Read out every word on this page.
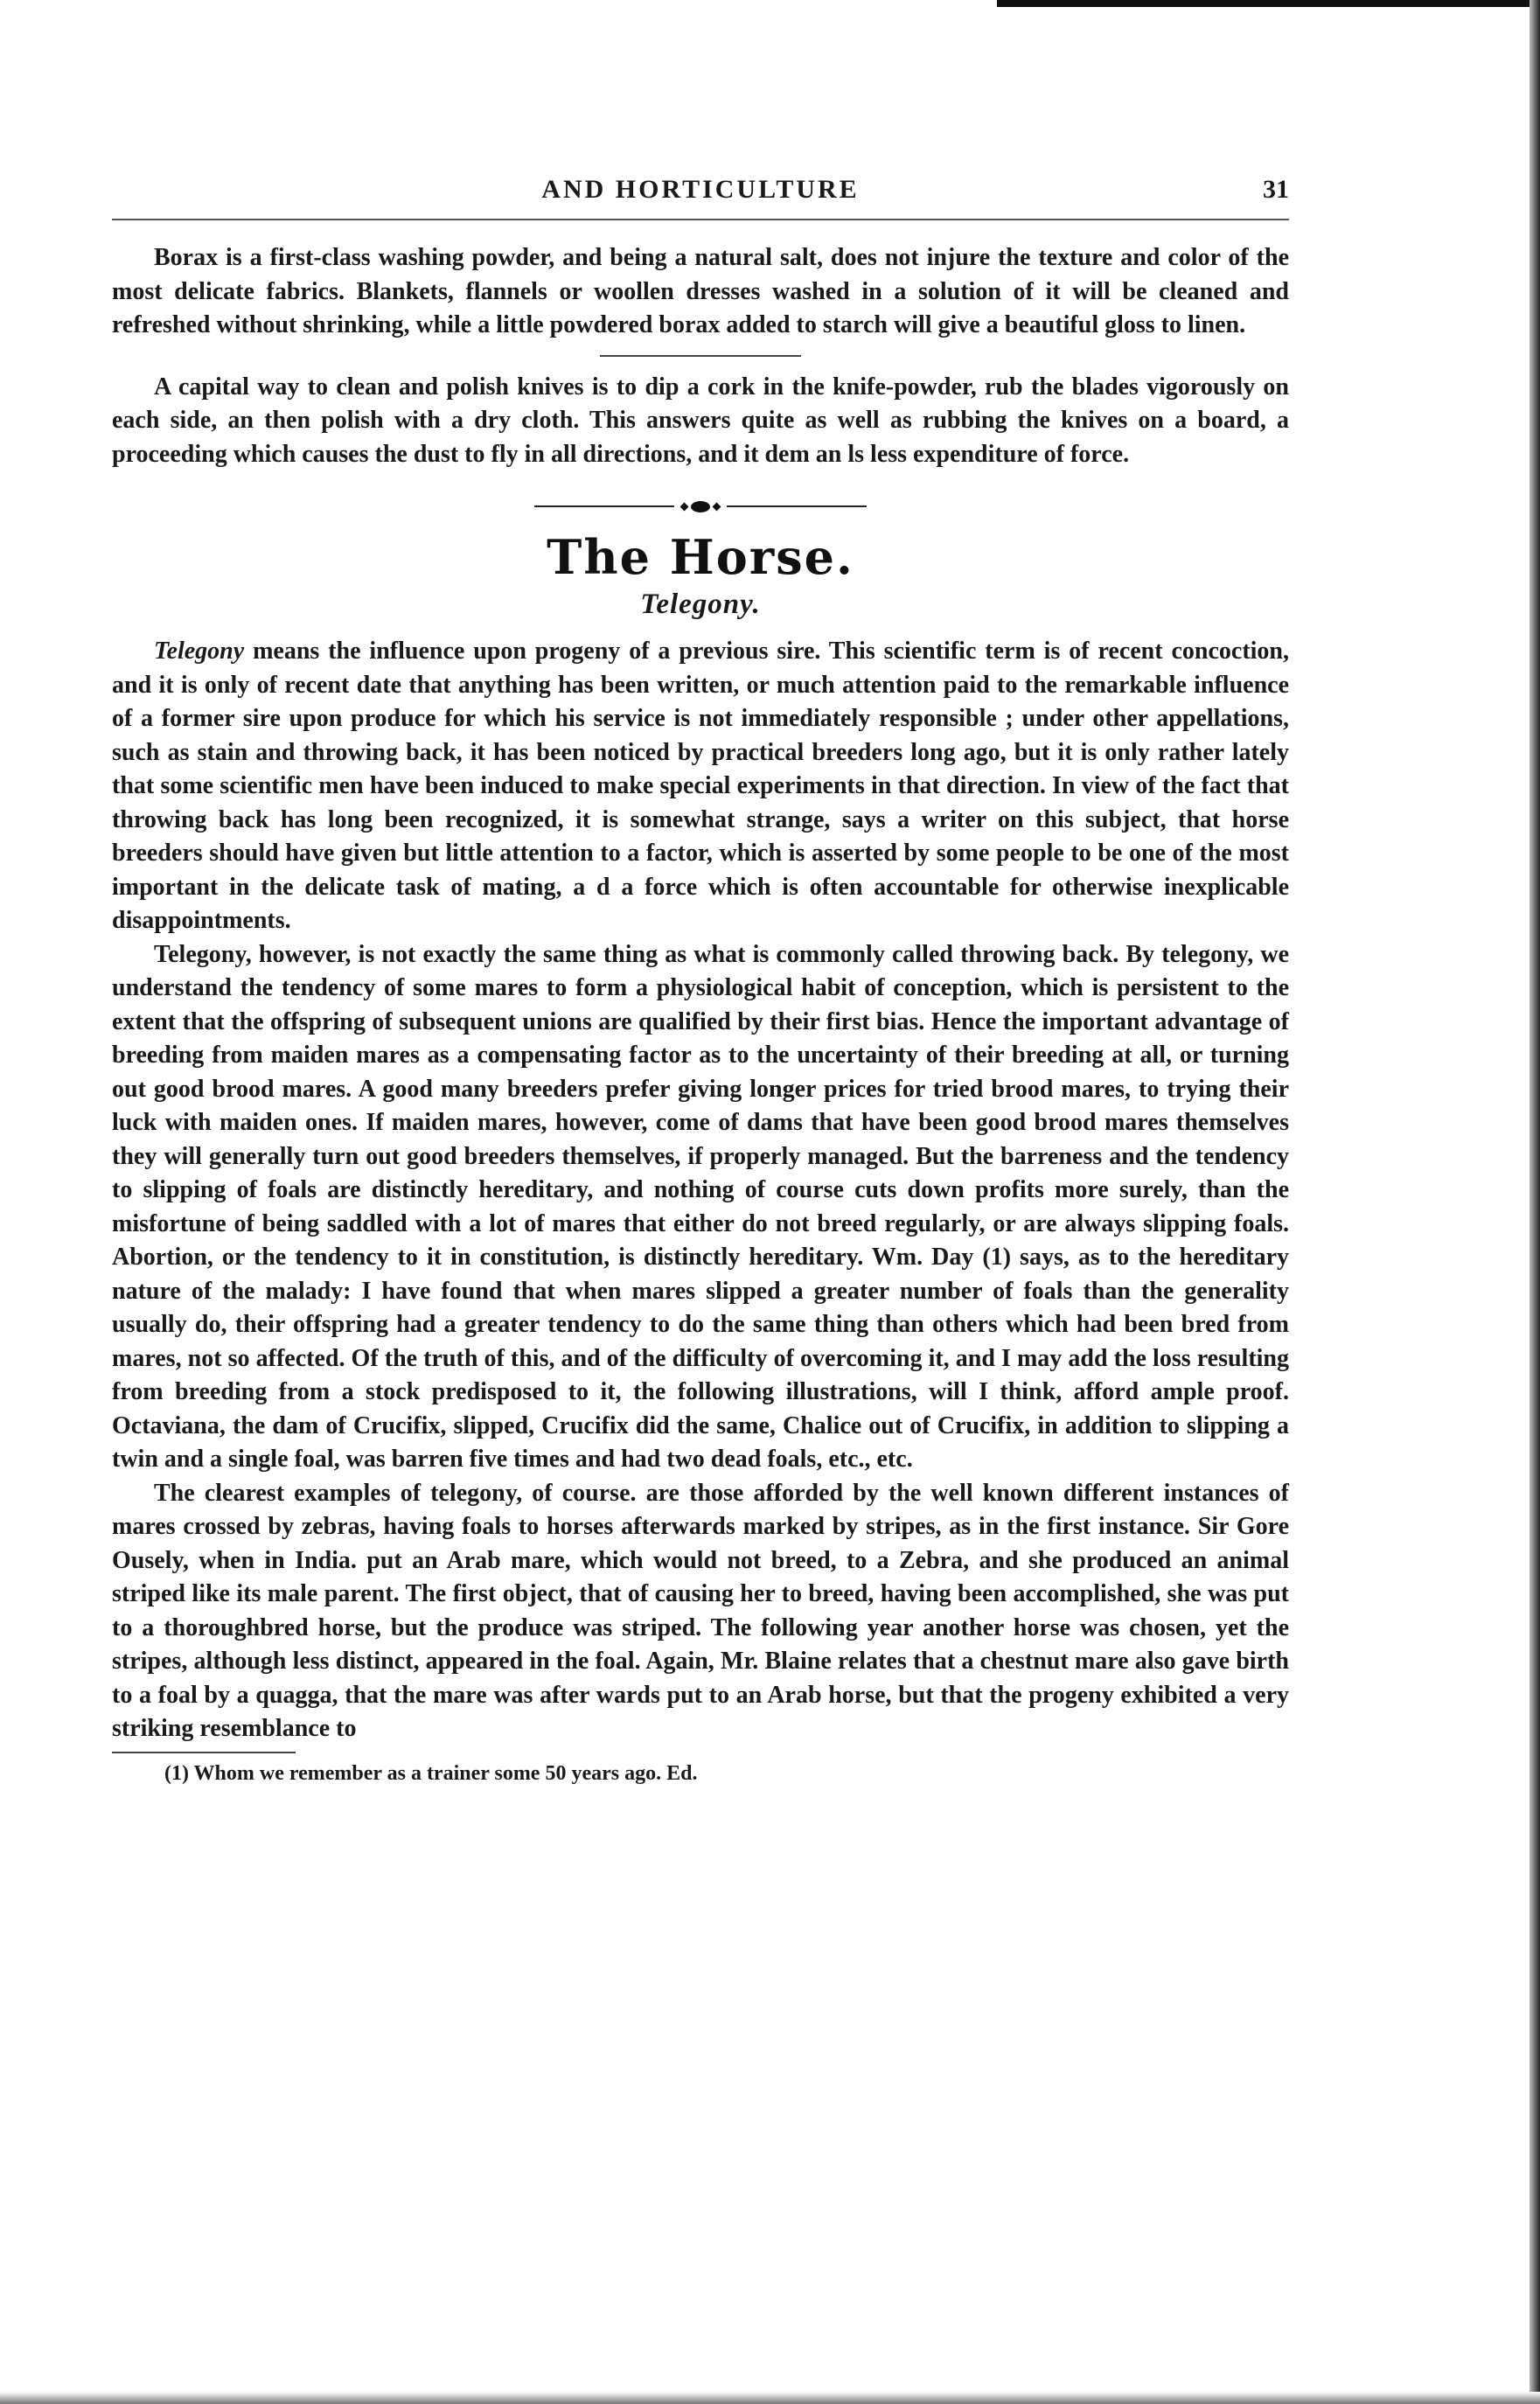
AND HORTICULTURE	31

Borax is a first-class washing powder, and being a natural salt, does not injure the texture and color of the most delicate fabrics. Blankets, flannels or woollen dresses washed in a solution of it will be cleaned and refreshed without shrinking, while a little powdered borax added to starch will give a beautiful gloss to linen.

A capital way to clean and polish knives is to dip a cork in the knife-powder, rub the blades vigorously on each side, an then polish with a dry cloth. This answers quite as well as rubbing the knives on a board, a proceeding which causes the dust to fly in all directions, and it dem an ls less expenditure of force.

The Horse.
Telegony.

Telegony means the influence upon progeny of a previous sire. This scientific term is of recent concoction, and it is only of recent date that anything has been written, or much attention paid to the remarkable influence of a former sire upon produce for which his service is not immediately responsible ; under other appellations, such as stain and throwing back, it has been noticed by practical breeders long ago, but it is only rather lately that some scientific men have been induced to make special experiments in that direction. In view of the fact that throwing back has long been recognized, it is somewhat strange, says a writer on this subject, that horse breeders should have given but little attention to a factor, which is asserted by some people to be one of the most important in the delicate task of mating, a d a force which is often accountable for otherwise inexplicable disappointments.

Telegony, however, is not exactly the same thing as what is commonly called throwing back. By telegony, we understand the tendency of some mares to form a physiological habit of conception, which is persistent to the extent that the offspring of subsequent unions are qualified by their first bias. Hence the important advantage of breeding from maiden mares as a compensating factor as to the uncertainty of their breeding at all, or turning out good brood mares. A good many breeders prefer giving longer prices for tried brood mares, to trying their luck with maiden ones. If maiden mares, however, come of dams that have been good brood mares themselves they will generally turn out good breeders themselves, if properly managed. But the barreness and the tendency to slipping of foals are distinctly hereditary, and nothing of course cuts down profits more surely, than the misfortune of being saddled with a lot of mares that either do not breed regularly, or are always slipping foals. Abortion, or the tendency to it in constitution, is distinctly hereditary. Wm. Day (1) says, as to the hereditary nature of the malady: I have found that when mares slipped a greater number of foals than the generality usually do, their offspring had a greater tendency to do the same thing than others which had been bred from mares, not so affected. Of the truth of this, and of the difficulty of overcoming it, and I may add the loss resulting from breeding from a stock predisposed to it, the following illustrations, will I think, afford ample proof. Octaviana, the dam of Crucifix, slipped, Crucifix did the same, Chalice out of Crucifix, in addition to slipping a twin and a single foal, was barren five times and had two dead foals, etc., etc.

The clearest examples of telegony, of course. are those afforded by the well known different instances of mares crossed by zebras, having foals to horses afterwards marked by stripes, as in the first instance. Sir Gore Ousely, when in India. put an Arab mare, which would not breed, to a Zebra, and she produced an animal striped like its male parent. The first object, that of causing her to breed, having been accomplished, she was put to a thoroughbred horse, but the produce was striped. The following year another horse was chosen, yet the stripes, although less distinct, appeared in the foal. Again, Mr. Blaine relates that a chestnut mare also gave birth to a foal by a quagga, that the mare was after wards put to an Arab horse, but that the progeny exhibited a very striking resemblance to

(1) Whom we remember as a trainer some 50 years ago. Ed.
